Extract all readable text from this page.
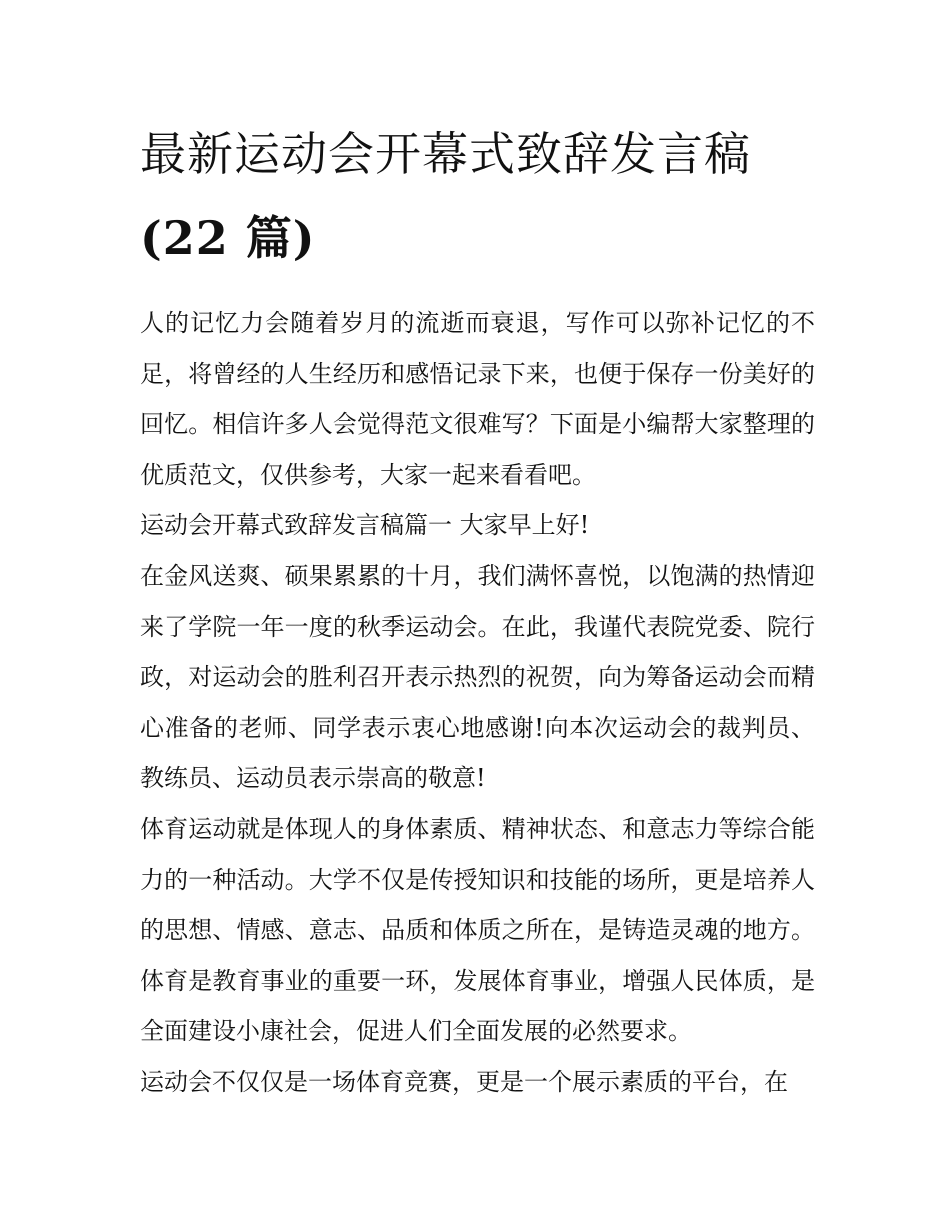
最新运动会开幕式致辞发言稿
(22 篇)

人的记忆力会随着岁月的流逝而衰退，写作可以弥补记忆的不足，将曾经的人生经历和感悟记录下来，也便于保存一份美好的回忆。相信许多人会觉得范文很难写？下面是小编帮大家整理的优质范文，仅供参考，大家一起来看看吧。

运动会开幕式致辞发言稿篇一 大家早上好!

在金风送爽、硕果累累的十月，我们满怀喜悦，以饱满的热情迎来了学院一年一度的秋季运动会。在此，我谨代表院党委、院行政，对运动会的胜利召开表示热烈的祝贺，向为筹备运动会而精心准备的老师、同学表示衷心地感谢!向本次运动会的裁判员、教练员、运动员表示崇高的敬意!

体育运动就是体现人的身体素质、精神状态、和意志力等综合能力的一种活动。大学不仅是传授知识和技能的场所，更是培养人的思想、情感、意志、品质和体质之所在，是铸造灵魂的地方。体育是教育事业的重要一环，发展体育事业，增强人民体质，是全面建设小康社会，促进人们全面发展的必然要求。

运动会不仅仅是一场体育竞赛，更是一个展示素质的平台，在
